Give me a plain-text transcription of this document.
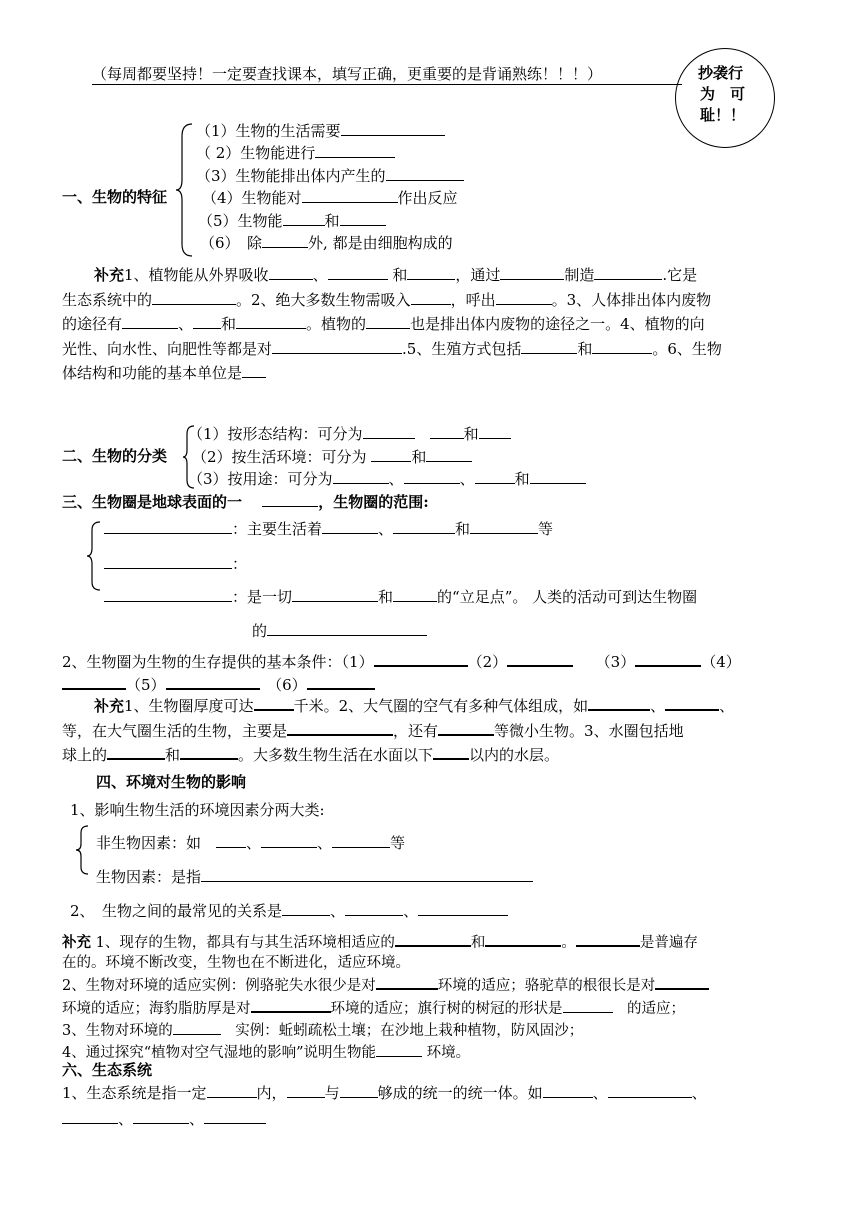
（每周都要坚持！一定要查找课本，填写正确，更重要的是背诵熟练！！！）	抄袭行
为　可
耻！！
一、生物的特征
（1）生物的生活需要
（ 2）生物能进行
（3）生物能排出体内产生的
（4）生物能对	作出反应
（5）生物能	和
（6）　除	外, 都是由细胞构成的
补充1、植物能从外界吸收	、	和	，通过	制造	.它是
生态系统中的	。2、绝大多数生物需吸入	，呼出	。3、人体排出体内废物
的途径有	、 和	。植物的	也是排出体内废物的途径之一。4、植物的向
光性、向水性、向肥性等都是对	.5、生殖方式包括	和	。6、生物
体结构和功能的基本单位是
二、生物的分类
（1）按形态结构：可分为　	和
（2）按生活环境：可分为	和
（3）按用途：可分为	、	、	和
三、生物圈是地球表面的一　	，生物圈的范围:
：主要生活着	、	和	等
：
：是一切	和	的“立足点”。 人类的活动可到达生物圈
的
2、生物圈为生物的生存提供的基本条件：（1）	（2）　　	（3）	（4）
（5）　	（6）
补充1、生物圈厚度可达	千米。2、大气圈的空气有多种气体组成，如	、	、
等，在大气圈生活的生物，主要是	，还有	等微小生物。3、水圈包括地
球上的	和	。大多数生物生活在水面以下 以内的水层。
四、环境对生物的影响
1、影响生物生活的环境因素分两大类:
非生物因素：如　	、	、	等
生物因素：是指
2、　生物之间的最常见的关系是	、	、
补充 1、现存的生物，都具有与其生活环境相适应的	和	。	是普遍存
在的。环境不断改变，生物也在不断进化，适应环境。
2、生物对环境的适应实例：例骆驼失水很少是对	环境的适应；骆驼草的根很长是对
环境的适应；海豹脂肪厚是对	环境的适应；旗行树的树冠的形状是　	的适应；
3、生物对环境的　	实例：蚯蚓疏松土壤；在沙地上栽种植物，防风固沙；
4、通过探究“植物对空气湿地的影响”说明生物能	环境。
六、生态系统
1、生态系统是指一定	内，	与	够成的统一的统一体。如	、	、
、	、
